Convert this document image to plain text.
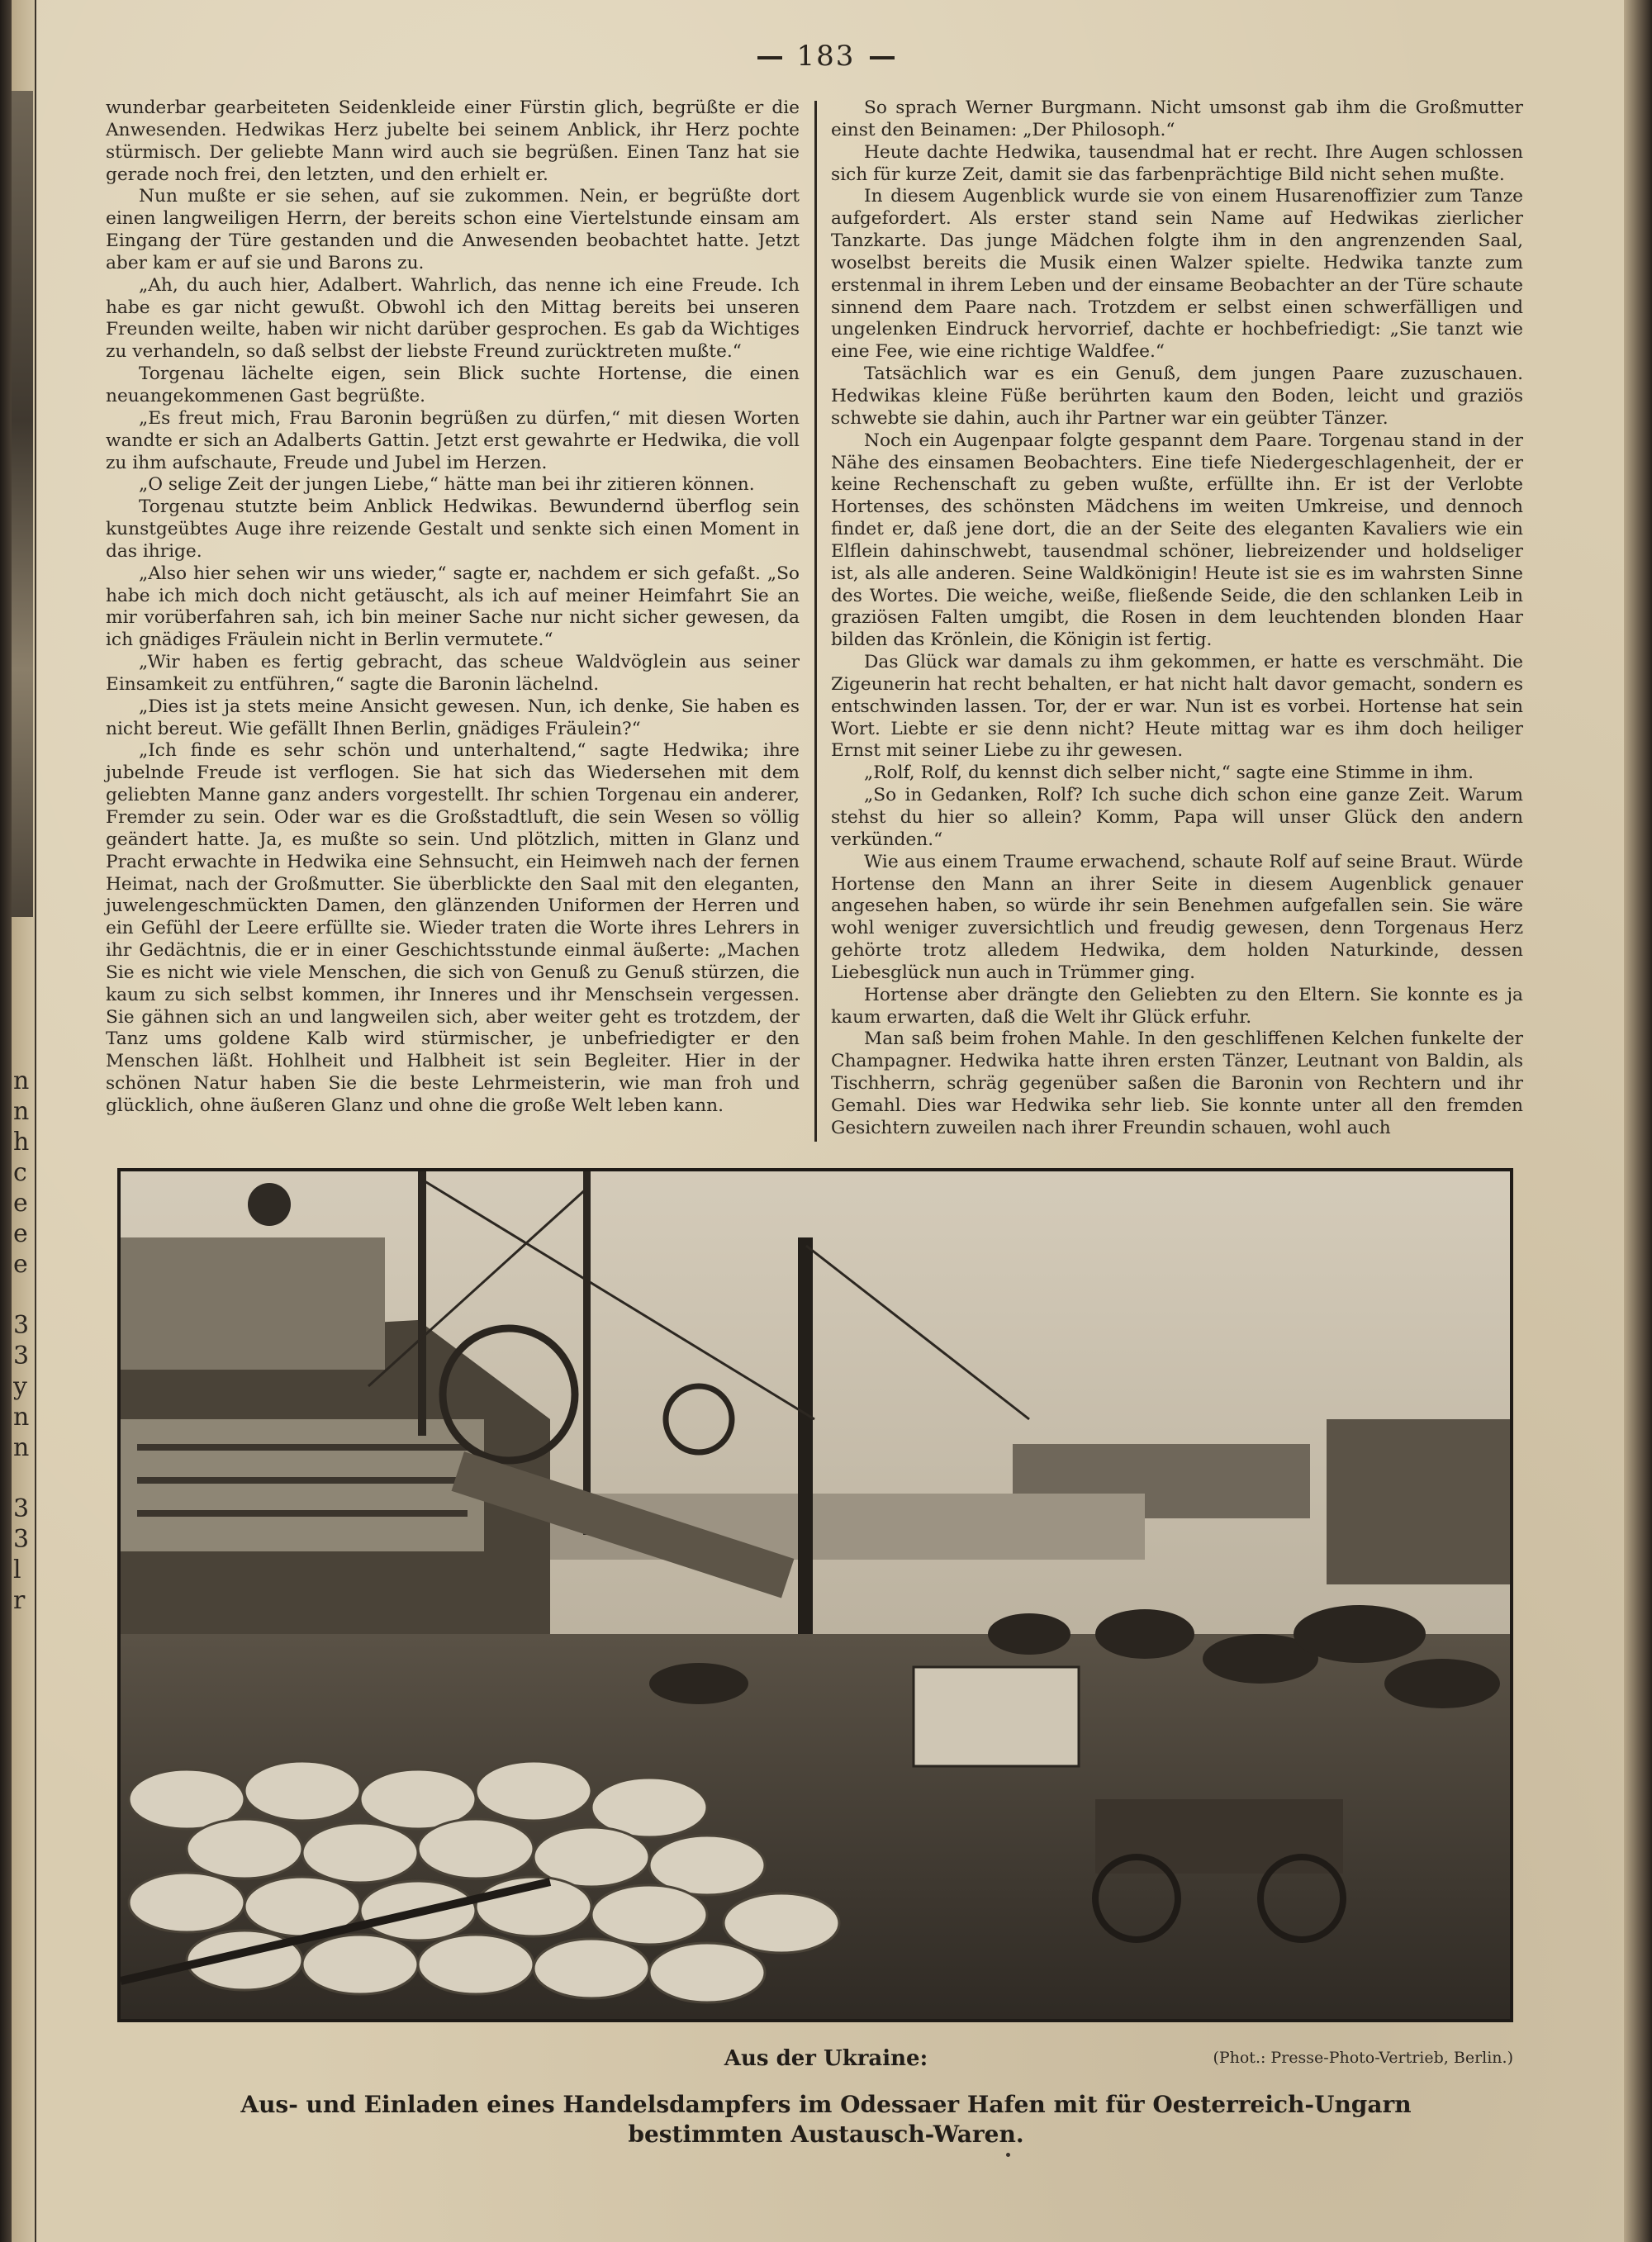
n
n
h
c
e
e
e
3
3
y
n
n
3
3
l
r
183

wunderbar gearbeiteten Seidenkleide einer Fürstin glich, begrüßte er die Anwesenden. Hedwikas Herz jubelte bei seinem Anblick, ihr Herz pochte stürmisch. Der geliebte Mann wird auch sie begrüßen. Einen Tanz hat sie gerade noch frei, den letzten, und den erhielt er.

Nun mußte er sie sehen, auf sie zukommen. Nein, er begrüßte dort einen langweiligen Herrn, der bereits schon eine Viertelstunde einsam am Eingang der Türe gestanden und die Anwesenden beobachtet hatte. Jetzt aber kam er auf sie und Barons zu.

„Ah, du auch hier, Adalbert. Wahrlich, das nenne ich eine Freude. Ich habe es gar nicht gewußt. Obwohl ich den Mittag bereits bei unseren Freunden weilte, haben wir nicht darüber gesprochen. Es gab da Wichtiges zu verhandeln, so daß selbst der liebste Freund zurücktreten mußte.“

Torgenau lächelte eigen, sein Blick suchte Hortense, die einen neuangekommenen Gast begrüßte.

„Es freut mich, Frau Baronin begrüßen zu dürfen,“ mit diesen Worten wandte er sich an Adalberts Gattin. Jetzt erst gewahrte er Hedwika, die voll zu ihm aufschaute, Freude und Jubel im Herzen.

„O selige Zeit der jungen Liebe,“ hätte man bei ihr zitieren können.

Torgenau stutzte beim Anblick Hedwikas. Bewundernd überflog sein kunstgeübtes Auge ihre reizende Gestalt und senkte sich einen Moment in das ihrige.

„Also hier sehen wir uns wieder,“ sagte er, nachdem er sich gefaßt. „So habe ich mich doch nicht getäuscht, als ich auf meiner Heimfahrt Sie an mir vorüberfahren sah, ich bin meiner Sache nur nicht sicher gewesen, da ich gnädiges Fräulein nicht in Berlin vermutete.“

„Wir haben es fertig gebracht, das scheue Waldvöglein aus seiner Einsamkeit zu entführen,“ sagte die Baronin lächelnd.

„Dies ist ja stets meine Ansicht gewesen. Nun, ich denke, Sie haben es nicht bereut. Wie gefällt Ihnen Berlin, gnädiges Fräulein?“

„Ich finde es sehr schön und unterhaltend,“ sagte Hedwika; ihre jubelnde Freude ist verflogen. Sie hat sich das Wiedersehen mit dem geliebten Manne ganz anders vorgestellt. Ihr schien Torgenau ein anderer, Fremder zu sein. Oder war es die Großstadtluft, die sein Wesen so völlig geändert hatte. Ja, es mußte so sein. Und plötzlich, mitten in Glanz und Pracht erwachte in Hedwika eine Sehnsucht, ein Heimweh nach der fernen Heimat, nach der Großmutter. Sie überblickte den Saal mit den eleganten, juwelengeschmückten Damen, den glänzenden Uniformen der Herren und ein Gefühl der Leere erfüllte sie. Wieder traten die Worte ihres Lehrers in ihr Gedächtnis, die er in einer Geschichtsstunde einmal äußerte: „Machen Sie es nicht wie viele Menschen, die sich von Genuß zu Genuß stürzen, die kaum zu sich selbst kommen, ihr Inneres und ihr Menschsein vergessen. Sie gähnen sich an und langweilen sich, aber weiter geht es trotzdem, der Tanz ums goldene Kalb wird stürmischer, je unbefriedigter er den Menschen läßt. Hohlheit und Halbheit ist sein Begleiter. Hier in der schönen Natur haben Sie die beste Lehrmeisterin, wie man froh und glücklich, ohne äußeren Glanz und ohne die große Welt leben kann.

So sprach Werner Burgmann. Nicht umsonst gab ihm die Großmutter einst den Beinamen: „Der Philosoph.“

Heute dachte Hedwika, tausendmal hat er recht. Ihre Augen schlossen sich für kurze Zeit, damit sie das farbenprächtige Bild nicht sehen mußte.

In diesem Augenblick wurde sie von einem Husarenoffizier zum Tanze aufgefordert. Als erster stand sein Name auf Hedwikas zierlicher Tanzkarte. Das junge Mädchen folgte ihm in den angrenzenden Saal, woselbst bereits die Musik einen Walzer spielte. Hedwika tanzte zum erstenmal in ihrem Leben und der einsame Beobachter an der Türe schaute sinnend dem Paare nach. Trotzdem er selbst einen schwerfälligen und ungelenken Eindruck hervorrief, dachte er hochbefriedigt: „Sie tanzt wie eine Fee, wie eine richtige Waldfee.“

Tatsächlich war es ein Genuß, dem jungen Paare zuzuschauen. Hedwikas kleine Füße berührten kaum den Boden, leicht und graziös schwebte sie dahin, auch ihr Partner war ein geübter Tänzer.

Noch ein Augenpaar folgte gespannt dem Paare. Torgenau stand in der Nähe des einsamen Beobachters. Eine tiefe Niedergeschlagenheit, der er keine Rechenschaft zu geben wußte, erfüllte ihn. Er ist der Verlobte Hortenses, des schönsten Mädchens im weiten Umkreise, und dennoch findet er, daß jene dort, die an der Seite des eleganten Kavaliers wie ein Elflein dahinschwebt, tausendmal schöner, liebreizender und holdseliger ist, als alle anderen. Seine Waldkönigin! Heute ist sie es im wahrsten Sinne des Wortes. Die weiche, weiße, fließende Seide, die den schlanken Leib in graziösen Falten umgibt, die Rosen in dem leuchtenden blonden Haar bilden das Krönlein, die Königin ist fertig.

Das Glück war damals zu ihm gekommen, er hatte es verschmäht. Die Zigeunerin hat recht behalten, er hat nicht halt davor gemacht, sondern es entschwinden lassen. Tor, der er war. Nun ist es vorbei. Hortense hat sein Wort. Liebte er sie denn nicht? Heute mittag war es ihm doch heiliger Ernst mit seiner Liebe zu ihr gewesen.

„Rolf, Rolf, du kennst dich selber nicht,“ sagte eine Stimme in ihm.

„So in Gedanken, Rolf? Ich suche dich schon eine ganze Zeit. Warum stehst du hier so allein? Komm, Papa will unser Glück den andern verkünden.“

Wie aus einem Traume erwachend, schaute Rolf auf seine Braut. Würde Hortense den Mann an ihrer Seite in diesem Augenblick genauer angesehen haben, so würde ihr sein Benehmen aufgefallen sein. Sie wäre wohl weniger zuversichtlich und freudig gewesen, denn Torgenaus Herz gehörte trotz alledem Hedwika, dem holden Naturkinde, dessen Liebesglück nun auch in Trümmer ging.

Hortense aber drängte den Geliebten zu den Eltern. Sie konnte es ja kaum erwarten, daß die Welt ihr Glück erfuhr.

Man saß beim frohen Mahle. In den geschliffenen Kelchen funkelte der Champagner. Hedwika hatte ihren ersten Tänzer, Leutnant von Baldin, als Tischherrn, schräg gegenüber saßen die Baronin von Rechtern und ihr Gemahl. Dies war Hedwika sehr lieb. Sie konnte unter all den fremden Gesichtern zuweilen nach ihrer Freundin schauen, wohl auch

Aus der Ukraine:	(Phot.: Presse-Photo-Vertrieb, Berlin.)
Aus- und Einladen eines Handelsdampfers im Odessaer Hafen mit für Oesterreich-Ungarn
bestimmten Austausch-Waren.
